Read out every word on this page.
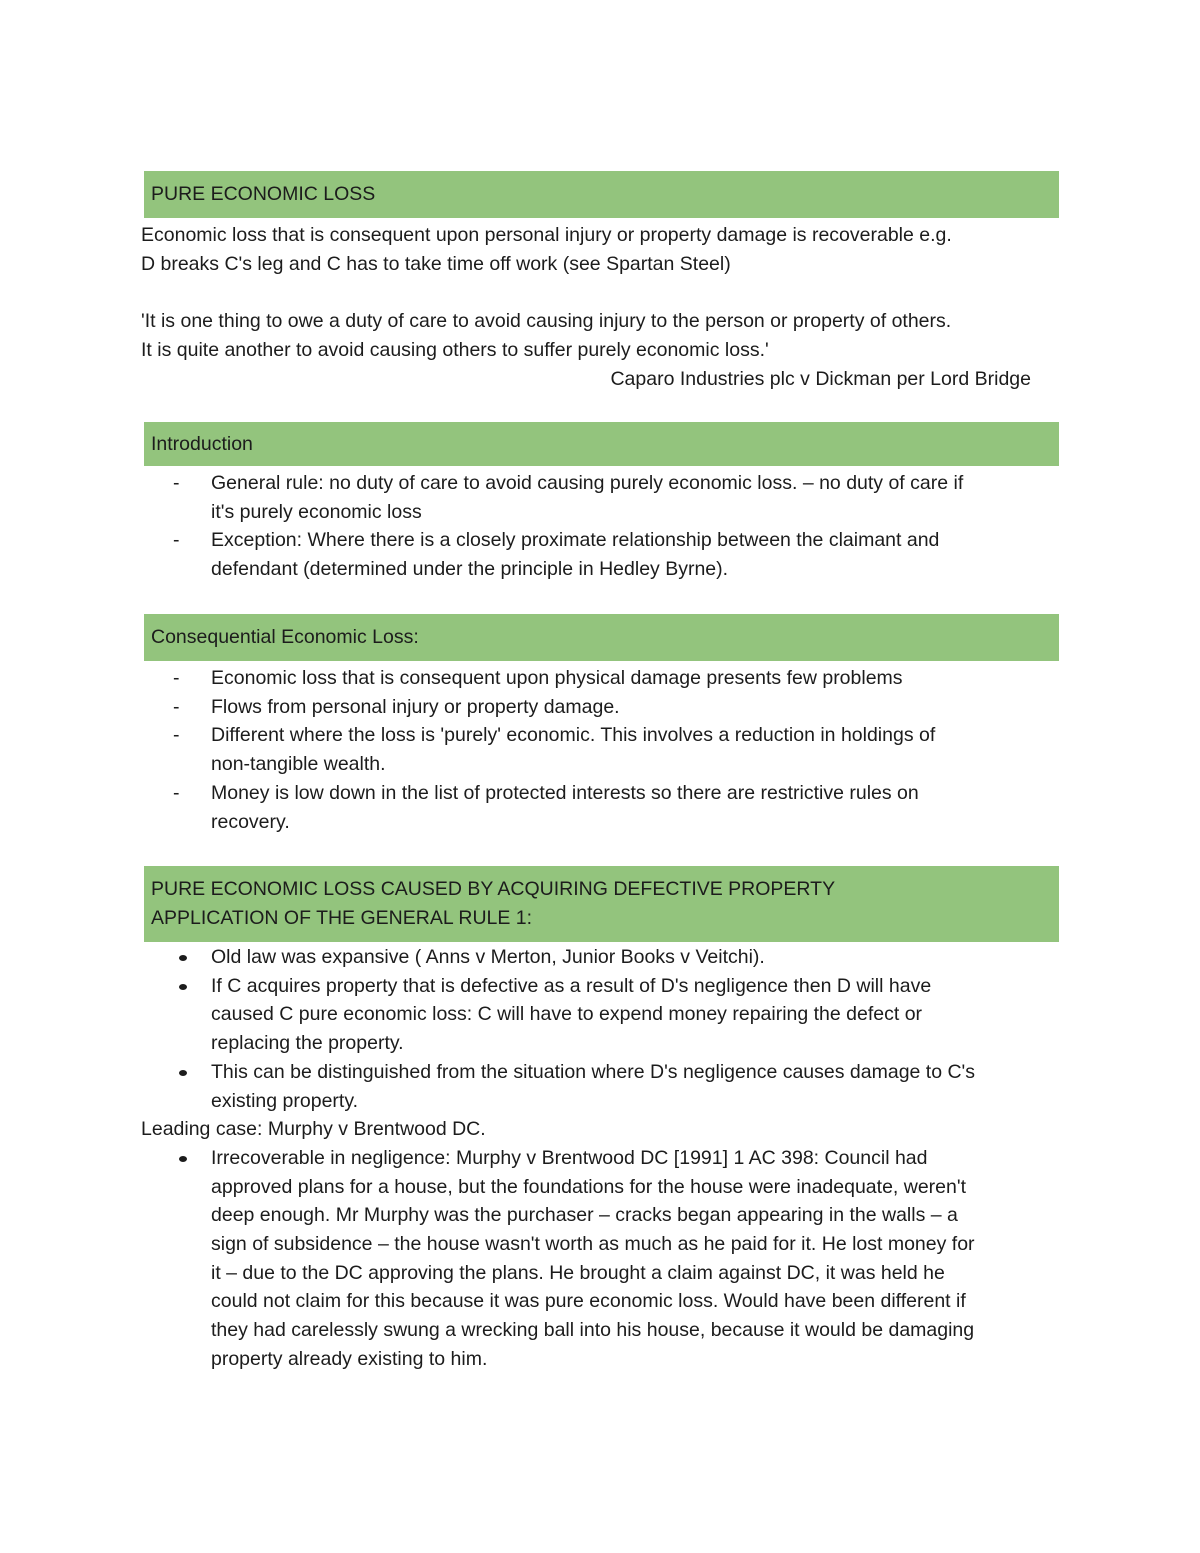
PURE ECONOMIC LOSS

Economic loss that is consequent upon personal injury or property damage is recoverable e.g.

D breaks C's leg and C has to take time off work (see Spartan Steel)

'It is one thing to owe a duty of care to avoid causing injury to the person or property of others.

It is quite another to avoid causing others to suffer purely economic loss.'

Caparo Industries plc v Dickman per Lord Bridge

Introduction
- General rule: no duty of care to avoid causing purely economic loss. – no duty of care if
it's purely economic loss
- Exception: Where there is a closely proximate relationship between the claimant and
defendant (determined under the principle in Hedley Byrne).
Consequential Economic Loss:
- Economic loss that is consequent upon physical damage presents few problems
- Flows from personal injury or property damage.
- Different where the loss is 'purely' economic. This involves a reduction in holdings of
non-tangible wealth.
- Money is low down in the list of protected interests so there are restrictive rules on
recovery.
PURE ECONOMIC LOSS CAUSED BY ACQUIRING DEFECTIVE PROPERTY
APPLICATION OF THE GENERAL RULE 1:
Old law was expansive ( Anns v Merton, Junior Books v Veitchi).
If C acquires property that is defective as a result of D's negligence then D will have
caused C pure economic loss: C will have to expend money repairing the defect or
replacing the property.
This can be distinguished from the situation where D's negligence causes damage to C's
existing property.

Leading case: Murphy v Brentwood DC.

Irrecoverable in negligence: Murphy v Brentwood DC [1991] 1 AC 398: Council had
approved plans for a house, but the foundations for the house were inadequate, weren't
deep enough. Mr Murphy was the purchaser – cracks began appearing in the walls – a
sign of subsidence – the house wasn't worth as much as he paid for it. He lost money for
it – due to the DC approving the plans. He brought a claim against DC, it was held he
could not claim for this because it was pure economic loss. Would have been different if
they had carelessly swung a wrecking ball into his house, because it would be damaging
property already existing to him.
